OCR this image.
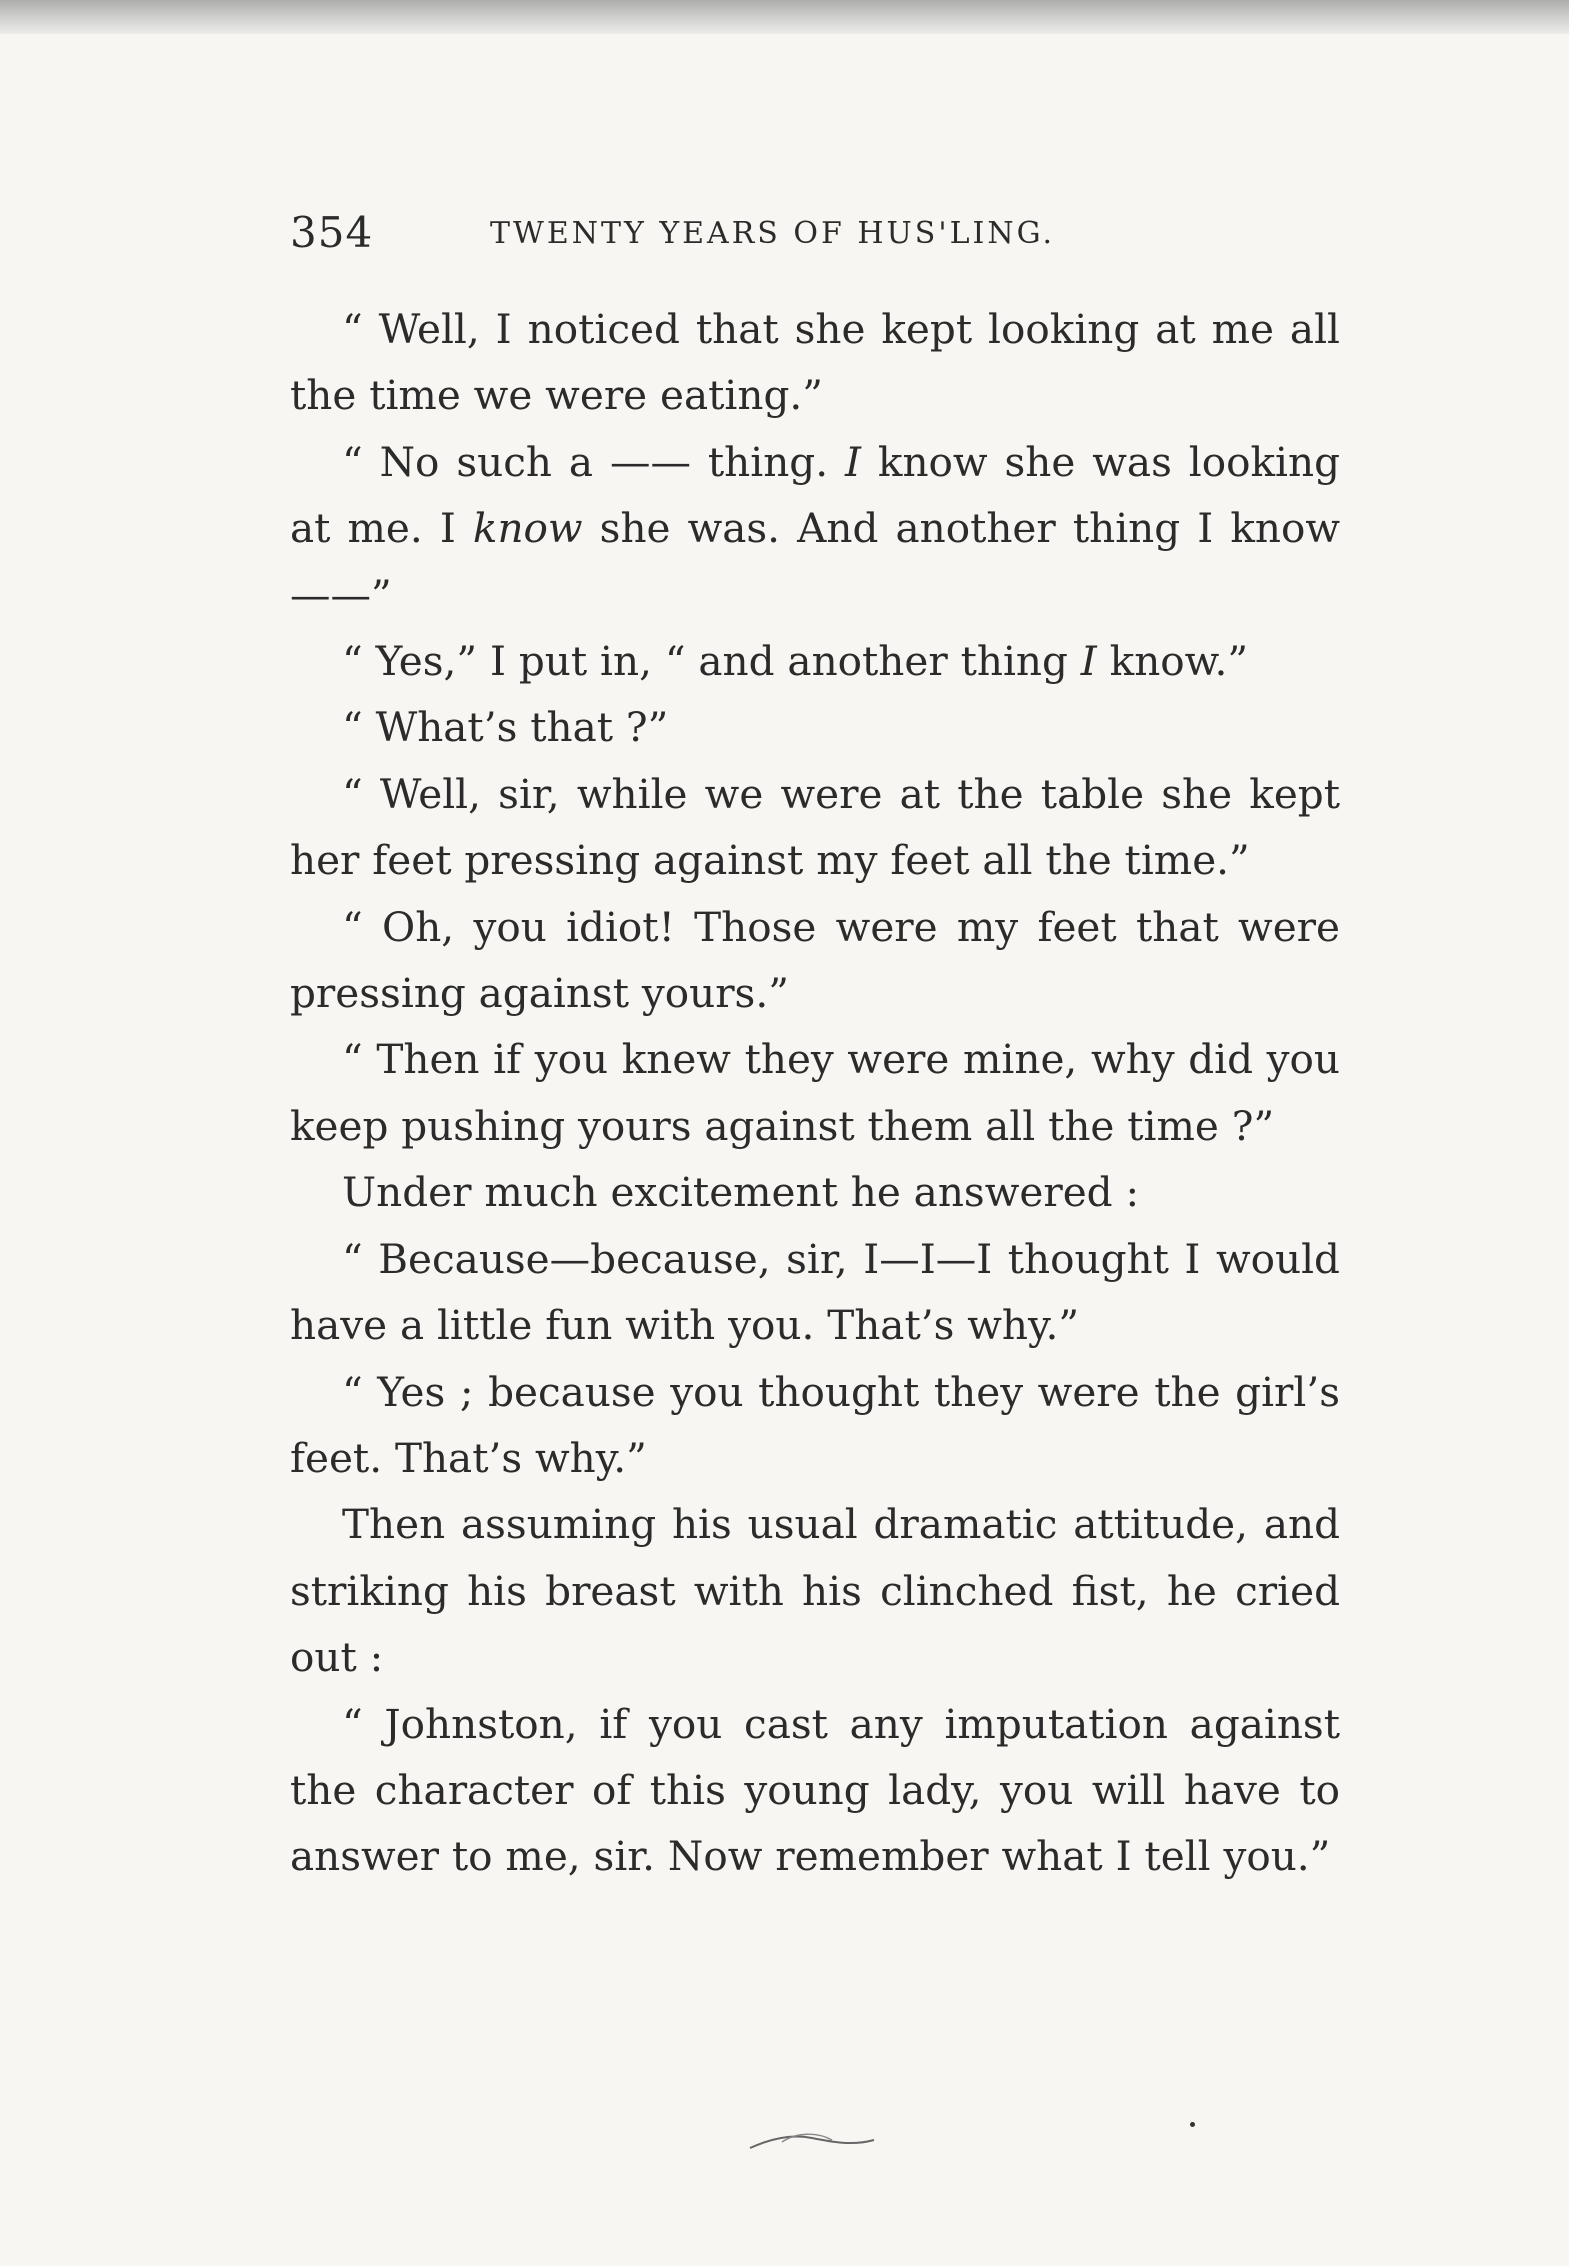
354	TWENTY YEARS OF HUS'LING.

“ Well, I noticed that she kept looking at me all the time we were eating.”

“ No such a —— thing. I know she was looking at me. I know she was. And another thing I know ——”

“ Yes,” I put in, “ and another thing I know.”

“ What’s that ?”

“ Well, sir, while we were at the table she kept her feet pressing against my feet all the time.”

“ Oh, you idiot! Those were my feet that were pressing against yours.”

“ Then if you knew they were mine, why did you keep pushing yours against them all the time ?”

Under much excitement he answered :

“ Because—because, sir, I—I—I thought I would have a little fun with you. That’s why.”

“ Yes ; because you thought they were the girl’s feet. That’s why.”

Then assuming his usual dramatic attitude, and striking his breast with his clinched fist, he cried out :

“ Johnston, if you cast any imputation against the character of this young lady, you will have to answer to me, sir. Now remember what I tell you.”
